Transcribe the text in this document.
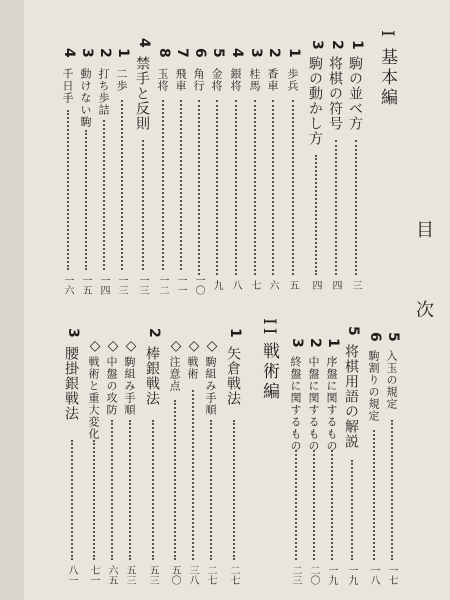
目
次
I
基本編
1
駒の並べ方
三
2
将棋の符号
四
3
駒の動かし方
四
1
歩兵
五
2
香車
六
3
桂馬
七
4
銀将
八
5
金将
九
6
角行
一〇
7
飛車
一一
8
玉将
一二
4
禁手と反則
一三
1
二歩
一三
2
打ち歩詰
一四
3
動けない駒
一五
4
千日手
一六
5
入玉の規定
一七
6
駒割りの規定
一八
5
将棋用語の解説
一九
1
序盤に関するもの
一九
2
中盤に関するもの
二〇
3
終盤に関するもの
二三
II
戦術編
1
矢倉戦法
二七
◇
駒組み手順
二七
◇
戦術
三八
◇
注意点
五〇
2
棒銀戦法
五三
◇
駒組み手順
五三
◇
中盤の攻防
六五
◇
戦術と重大変化
七一
3
腰掛銀戦法
八一
